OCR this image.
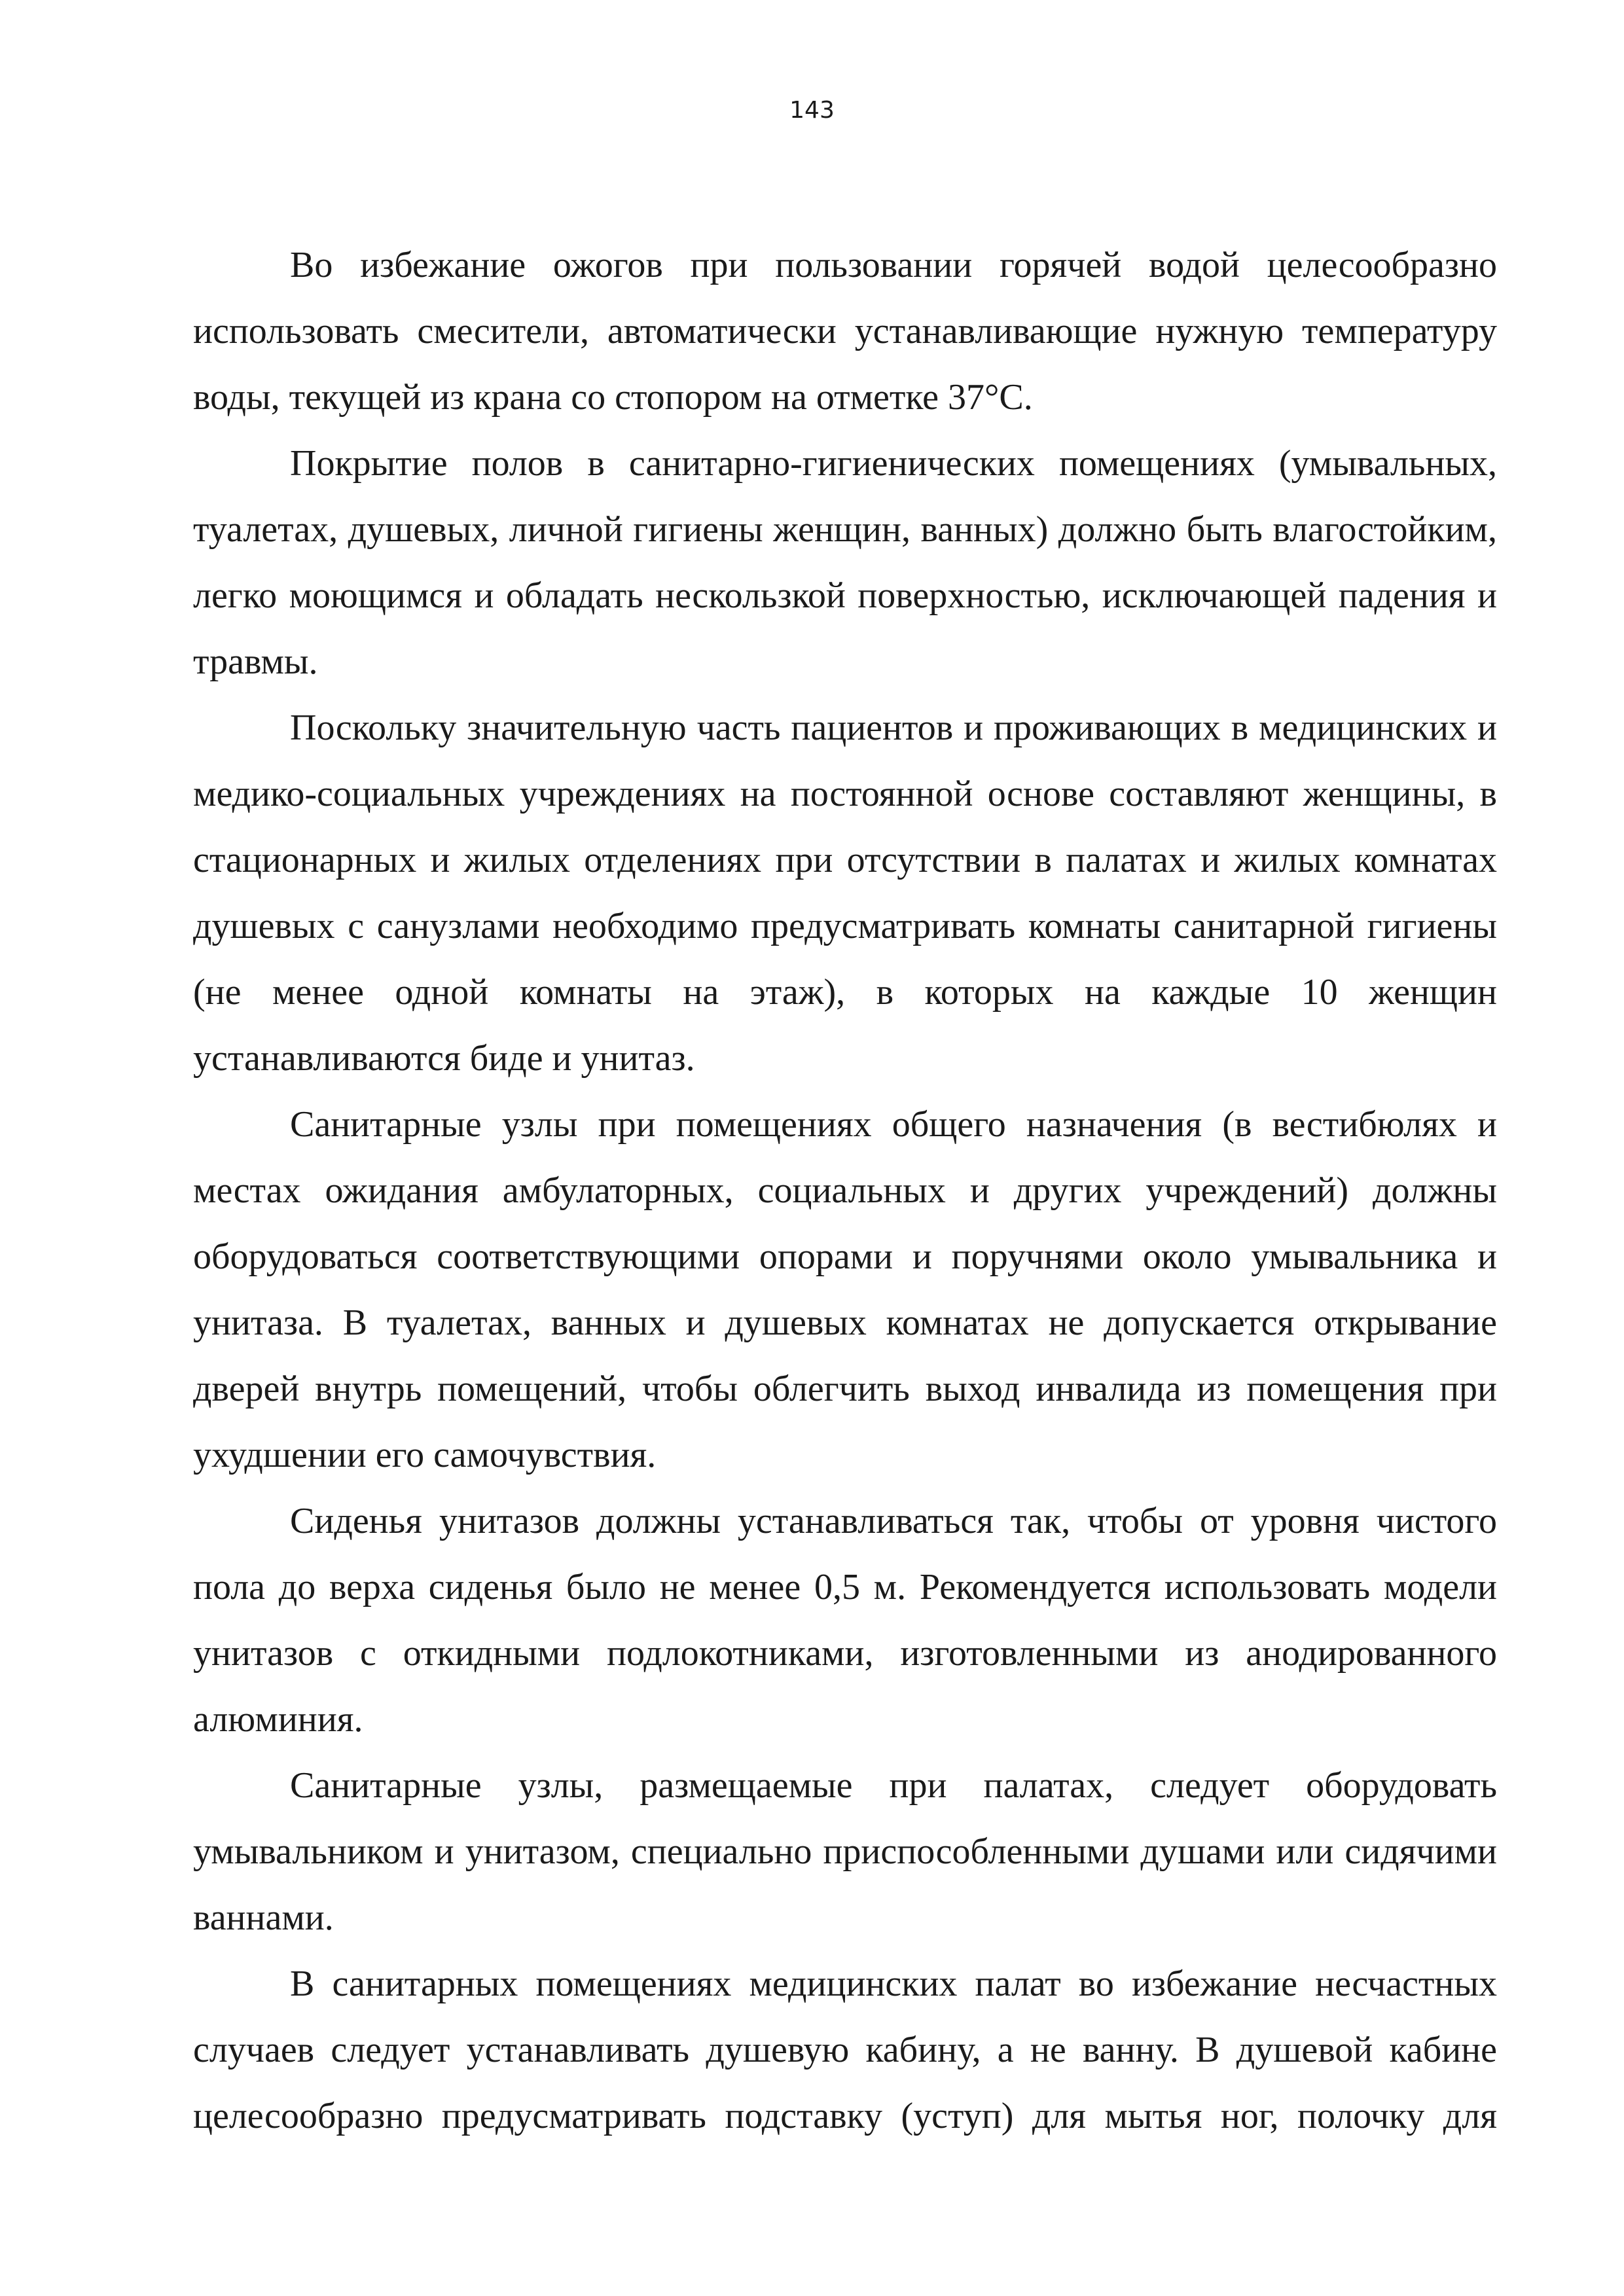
143

Во избежание ожогов при пользовании горячей водой целесообразно использовать смесители, автоматически устанавливающие нужную температуру воды, текущей из крана со стопором на отметке 37°С.

Покрытие полов в санитарно-гигиенических помещениях (умывальных, туалетах, душевых, личной гигиены женщин, ванных) должно быть влагостойким, легко моющимся и обладать нескользкой поверхностью, исключающей падения и травмы.

Поскольку значительную часть пациентов и проживающих в медицинских и медико-социальных учреждениях на постоянной основе составляют женщины, в стационарных и жилых отделениях при отсутствии в палатах и жилых комнатах душевых с санузлами необходимо предусматривать комнаты санитарной гигиены (не менее одной комнаты на этаж), в которых на каждые 10 женщин устанавливаются биде и унитаз.

Санитарные узлы при помещениях общего назначения (в вестибюлях и местах ожидания амбулаторных, социальных и других учреждений) должны оборудоваться соответствующими опорами и поручнями около умывальника и унитаза. В туалетах, ванных и душевых комнатах не допускается открывание дверей внутрь помещений, чтобы облегчить выход инвалида из помещения при ухудшении его самочувствия.

Сиденья унитазов должны устанавливаться так, чтобы от уровня чистого пола до верха сиденья было не менее 0,5 м. Рекомендуется использовать модели унитазов с откидными подлокотниками, изготовленными из анодированного алюминия.

Санитарные узлы, размещаемые при палатах, следует оборудовать умывальником и унитазом, специально приспособленными душами или сидячими ваннами.

В санитарных помещениях медицинских палат во избежание несчастных случаев следует устанавливать душевую кабину, а не ванну. В душевой кабине целесообразно предусматривать подставку (уступ) для мытья ног, полочку для
